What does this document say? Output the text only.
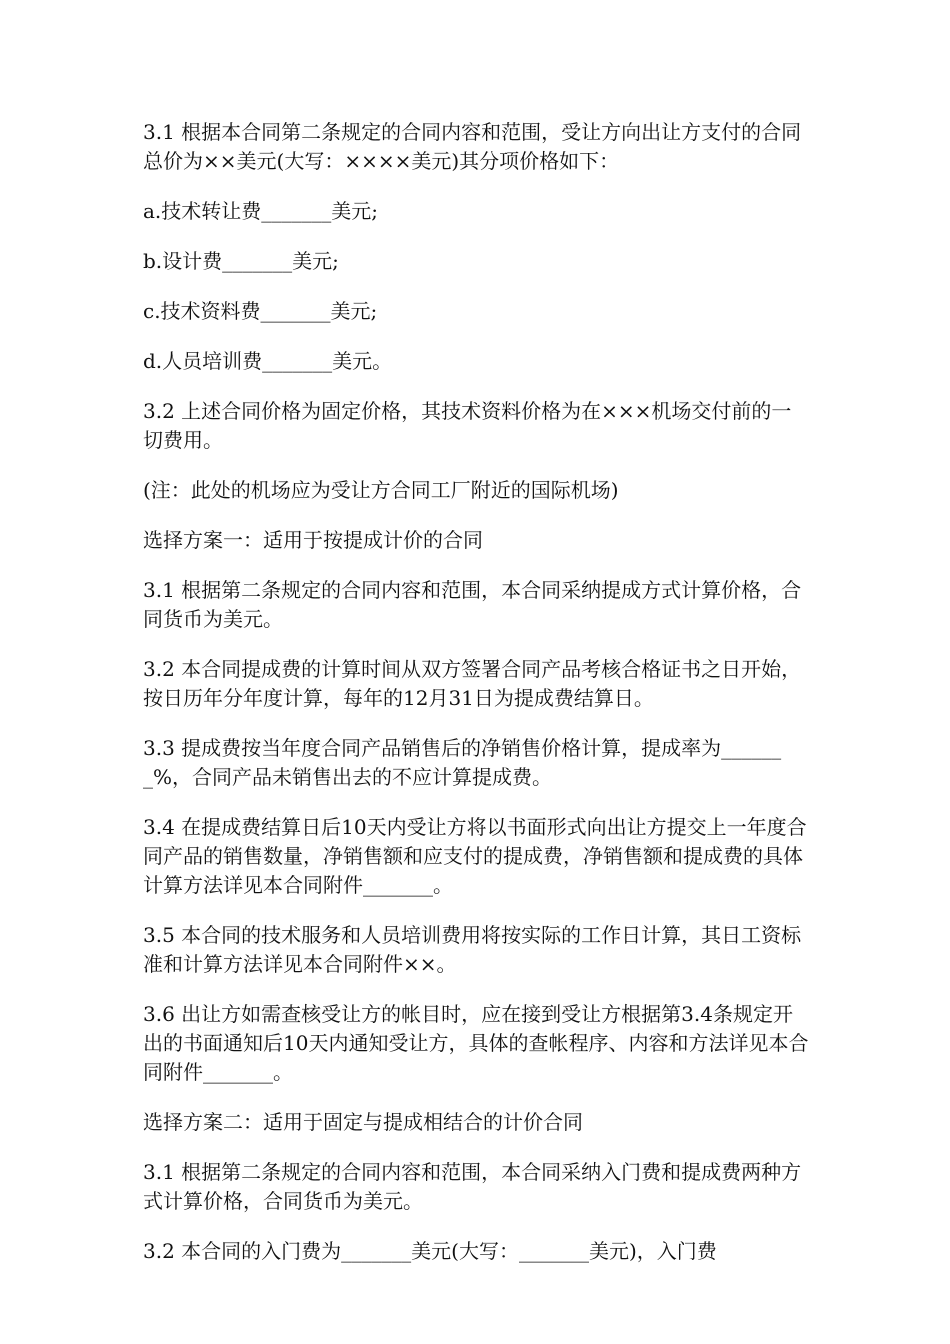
3.1 根据本合同第二条规定的合同内容和范围，受让方向出让方支付的合同总价为××美元(大写：××××美元)其分项价格如下：

a.技术转让费_______美元;

b.设计费_______美元;

c.技术资料费_______美元;

d.人员培训费_______美元。

3.2 上述合同价格为固定价格，其技术资料价格为在×××机场交付前的一切费用。

(注：此处的机场应为受让方合同工厂附近的国际机场)

选择方案一：适用于按提成计价的合同

3.1 根据第二条规定的合同内容和范围，本合同采纳提成方式计算价格，合同货币为美元。

3.2 本合同提成费的计算时间从双方签署合同产品考核合格证书之日开始，按日历年分年度计算，每年的12月31日为提成费结算日。

3.3 提成费按当年度合同产品销售后的净销售价格计算，提成率为_______%，合同产品未销售出去的不应计算提成费。

3.4 在提成费结算日后10天内受让方将以书面形式向出让方提交上一年度合同产品的销售数量，净销售额和应支付的提成费，净销售额和提成费的具体计算方法详见本合同附件_______。

3.5 本合同的技术服务和人员培训费用将按实际的工作日计算，其日工资标准和计算方法详见本合同附件××。

3.6 出让方如需查核受让方的帐目时，应在接到受让方根据第3.4条规定开出的书面通知后10天内通知受让方，具体的查帐程序、内容和方法详见本合同附件_______。

选择方案二：适用于固定与提成相结合的计价合同

3.1 根据第二条规定的合同内容和范围，本合同采纳入门费和提成费两种方式计算价格，合同货币为美元。

3.2 本合同的入门费为_______美元(大写：_______美元)，入门费
